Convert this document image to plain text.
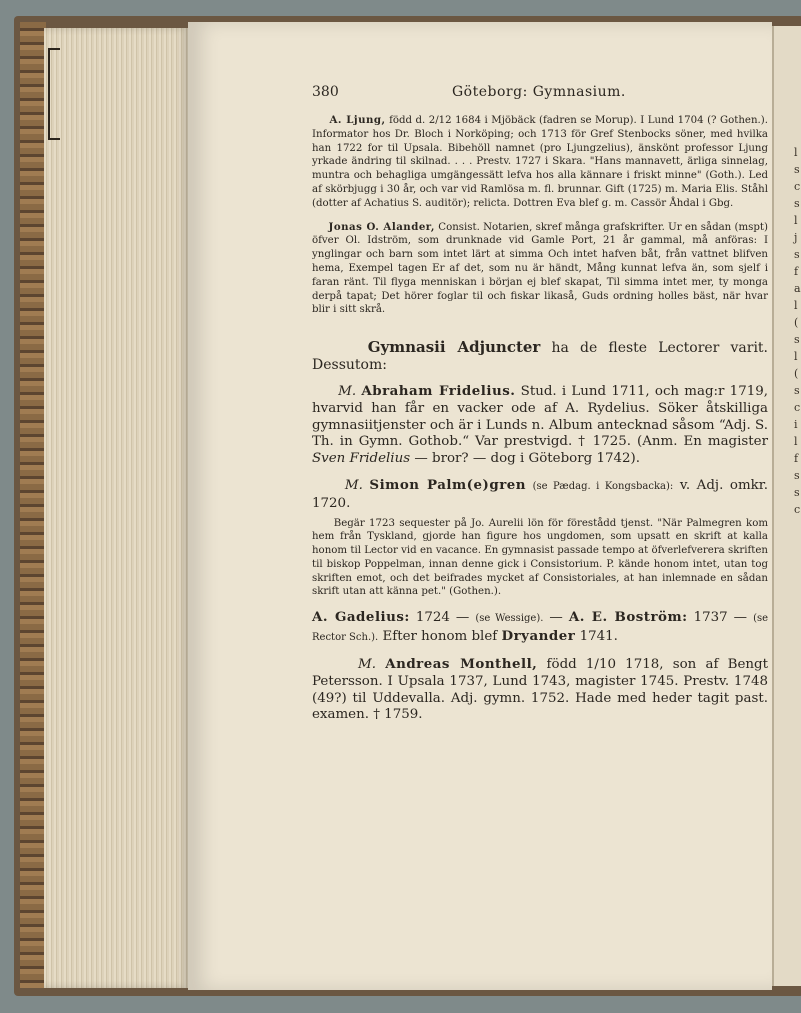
l
s
c
s
l
j
s
f
a
l
(
s
l
(
s
c
i
l
f
s
s
c
380	Göteborg: Gymnasium.

A. Ljung, född d. 2/12 1684 i Mjöbäck (fadren se Morup). I Lund 1704 (? Gothen.). Informator hos Dr. Bloch i Norköping; och 1713 för Gref Stenbocks söner, med hvilka han 1722 for til Upsala. Bibehöll namnet (pro Ljungzelius), änskönt professor Ljung yrkade ändring til skilnad. . . . Prestv. 1727 i Skara. "Hans mannavett, ärliga sinnelag, muntra och behagliga umgängessätt lefva hos alla kännare i friskt minne" (Goth.). Led af skörbjugg i 30 år, och var vid Ramlösa m. fl. brunnar. Gift (1725) m. Maria Elis. Ståhl (dotter af Achatius S. auditör); relicta. Dottren Eva blef g. m. Cassör Åhdal i Gbg.

Jonas O. Alander, Consist. Notarien, skref många grafskrifter. Ur en sådan (mspt) öfver Ol. Idström, som drunknade vid Gamle Port, 21 år gammal, må anföras: I ynglingar och barn som intet lärt at simma Och intet hafven båt, från vattnet blifven hema, Exempel tagen Er af det, som nu är händt, Mång kunnat lefva än, som sjelf i faran ränt. Til flyga menniskan i början ej blef skapat, Til simma intet mer, ty monga derpå tapat; Det hörer foglar til och fiskar likaså, Guds ordning holles bäst, när hvar blir i sitt skrå.

Gymnasii Adjuncter ha de fleste Lectorer varit. Dessutom:

M. Abraham Fridelius. Stud. i Lund 1711, och mag:r 1719, hvarvid han får en vacker ode af A. Rydelius. Söker åtskilliga gymnasiitjenster och är i Lunds n. Album antecknad såsom “Adj. S. Th. in Gymn. Gothob.“ Var prestvigd. † 1725. (Anm. En magister Sven Fridelius — bror? — dog i Göteborg 1742).

M. Simon Palm(e)gren (se Pædag. i Kongsbacka): v. Adj. omkr. 1720.

Begär 1723 sequester på Jo. Aurelii lön för förestådd tjenst. "När Palmegren kom hem från Tyskland, gjorde han figure hos ungdomen, som upsatt en skrift at kalla honom til Lector vid en vacance. En gymnasist passade tempo at öfverlefverera skriften til biskop Poppelman, innan denne gick i Consistorium. P. kände honom intet, utan tog skriften emot, och det beifrades mycket af Consistoriales, at han inlemnade en sådan skrift utan att känna pet." (Gothen.).

A. Gadelius: 1724 — (se Wessige). — A. E. Boström: 1737 — (se Rector Sch.). Efter honom blef Dryander 1741.

M. Andreas Monthell, född 1/10 1718, son af Bengt Petersson. I Upsala 1737, Lund 1743, magister 1745. Prestv. 1748 (49?) til Uddevalla. Adj. gymn. 1752. Hade med heder tagit past. examen. † 1759.
